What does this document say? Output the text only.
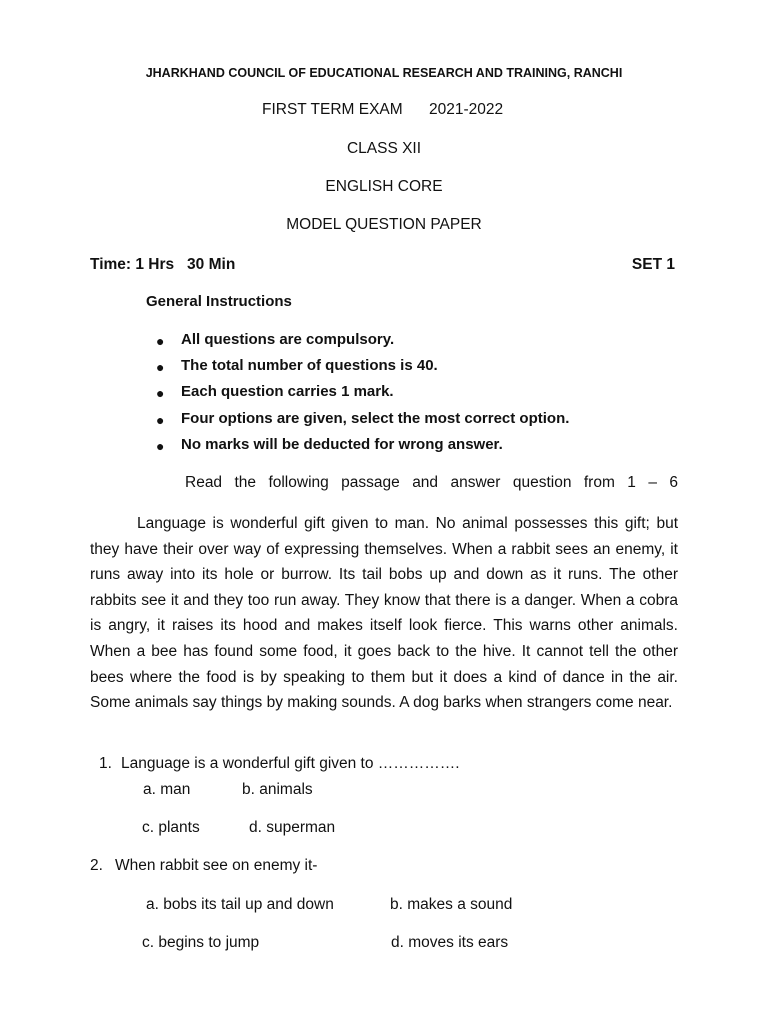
JHARKHAND COUNCIL OF EDUCATIONAL RESEARCH AND TRAINING, RANCHI
FIRST TERM EXAM 2021-2022
CLASS XII
ENGLISH CORE
MODEL QUESTION PAPER
Time: 1 Hrs   30 Min	SET 1
General Instructions
● All questions are compulsory.
● The total number of questions is 40.
● Each question carries 1 mark.
● Four options are given, select the most correct option.
● No marks will be deducted for wrong answer.
Read the following passage and answer question from 1 – 6
Language is wonderful gift given to man. No animal possesses this gift; but they have their over way of expressing themselves. When a rabbit sees an enemy, it runs away into its hole or burrow. Its tail bobs up and down as it runs. The other rabbits see it and they too run away. They know that there is a danger. When a cobra is angry, it raises its hood and makes itself look fierce. This warns other animals. When a bee has found some food, it goes back to the hive. It cannot tell the other bees where the food is by speaking to them but it does a kind of dance in the air. Some animals say things by making sounds. A dog barks when strangers come near.
1. Language is a wonderful gift given to …………….
a. man	b. animals
c. plants	d. superman
2. When rabbit see on enemy it-
a. bobs its tail up and down	b. makes a sound
c. begins to jump	d. moves its ears
